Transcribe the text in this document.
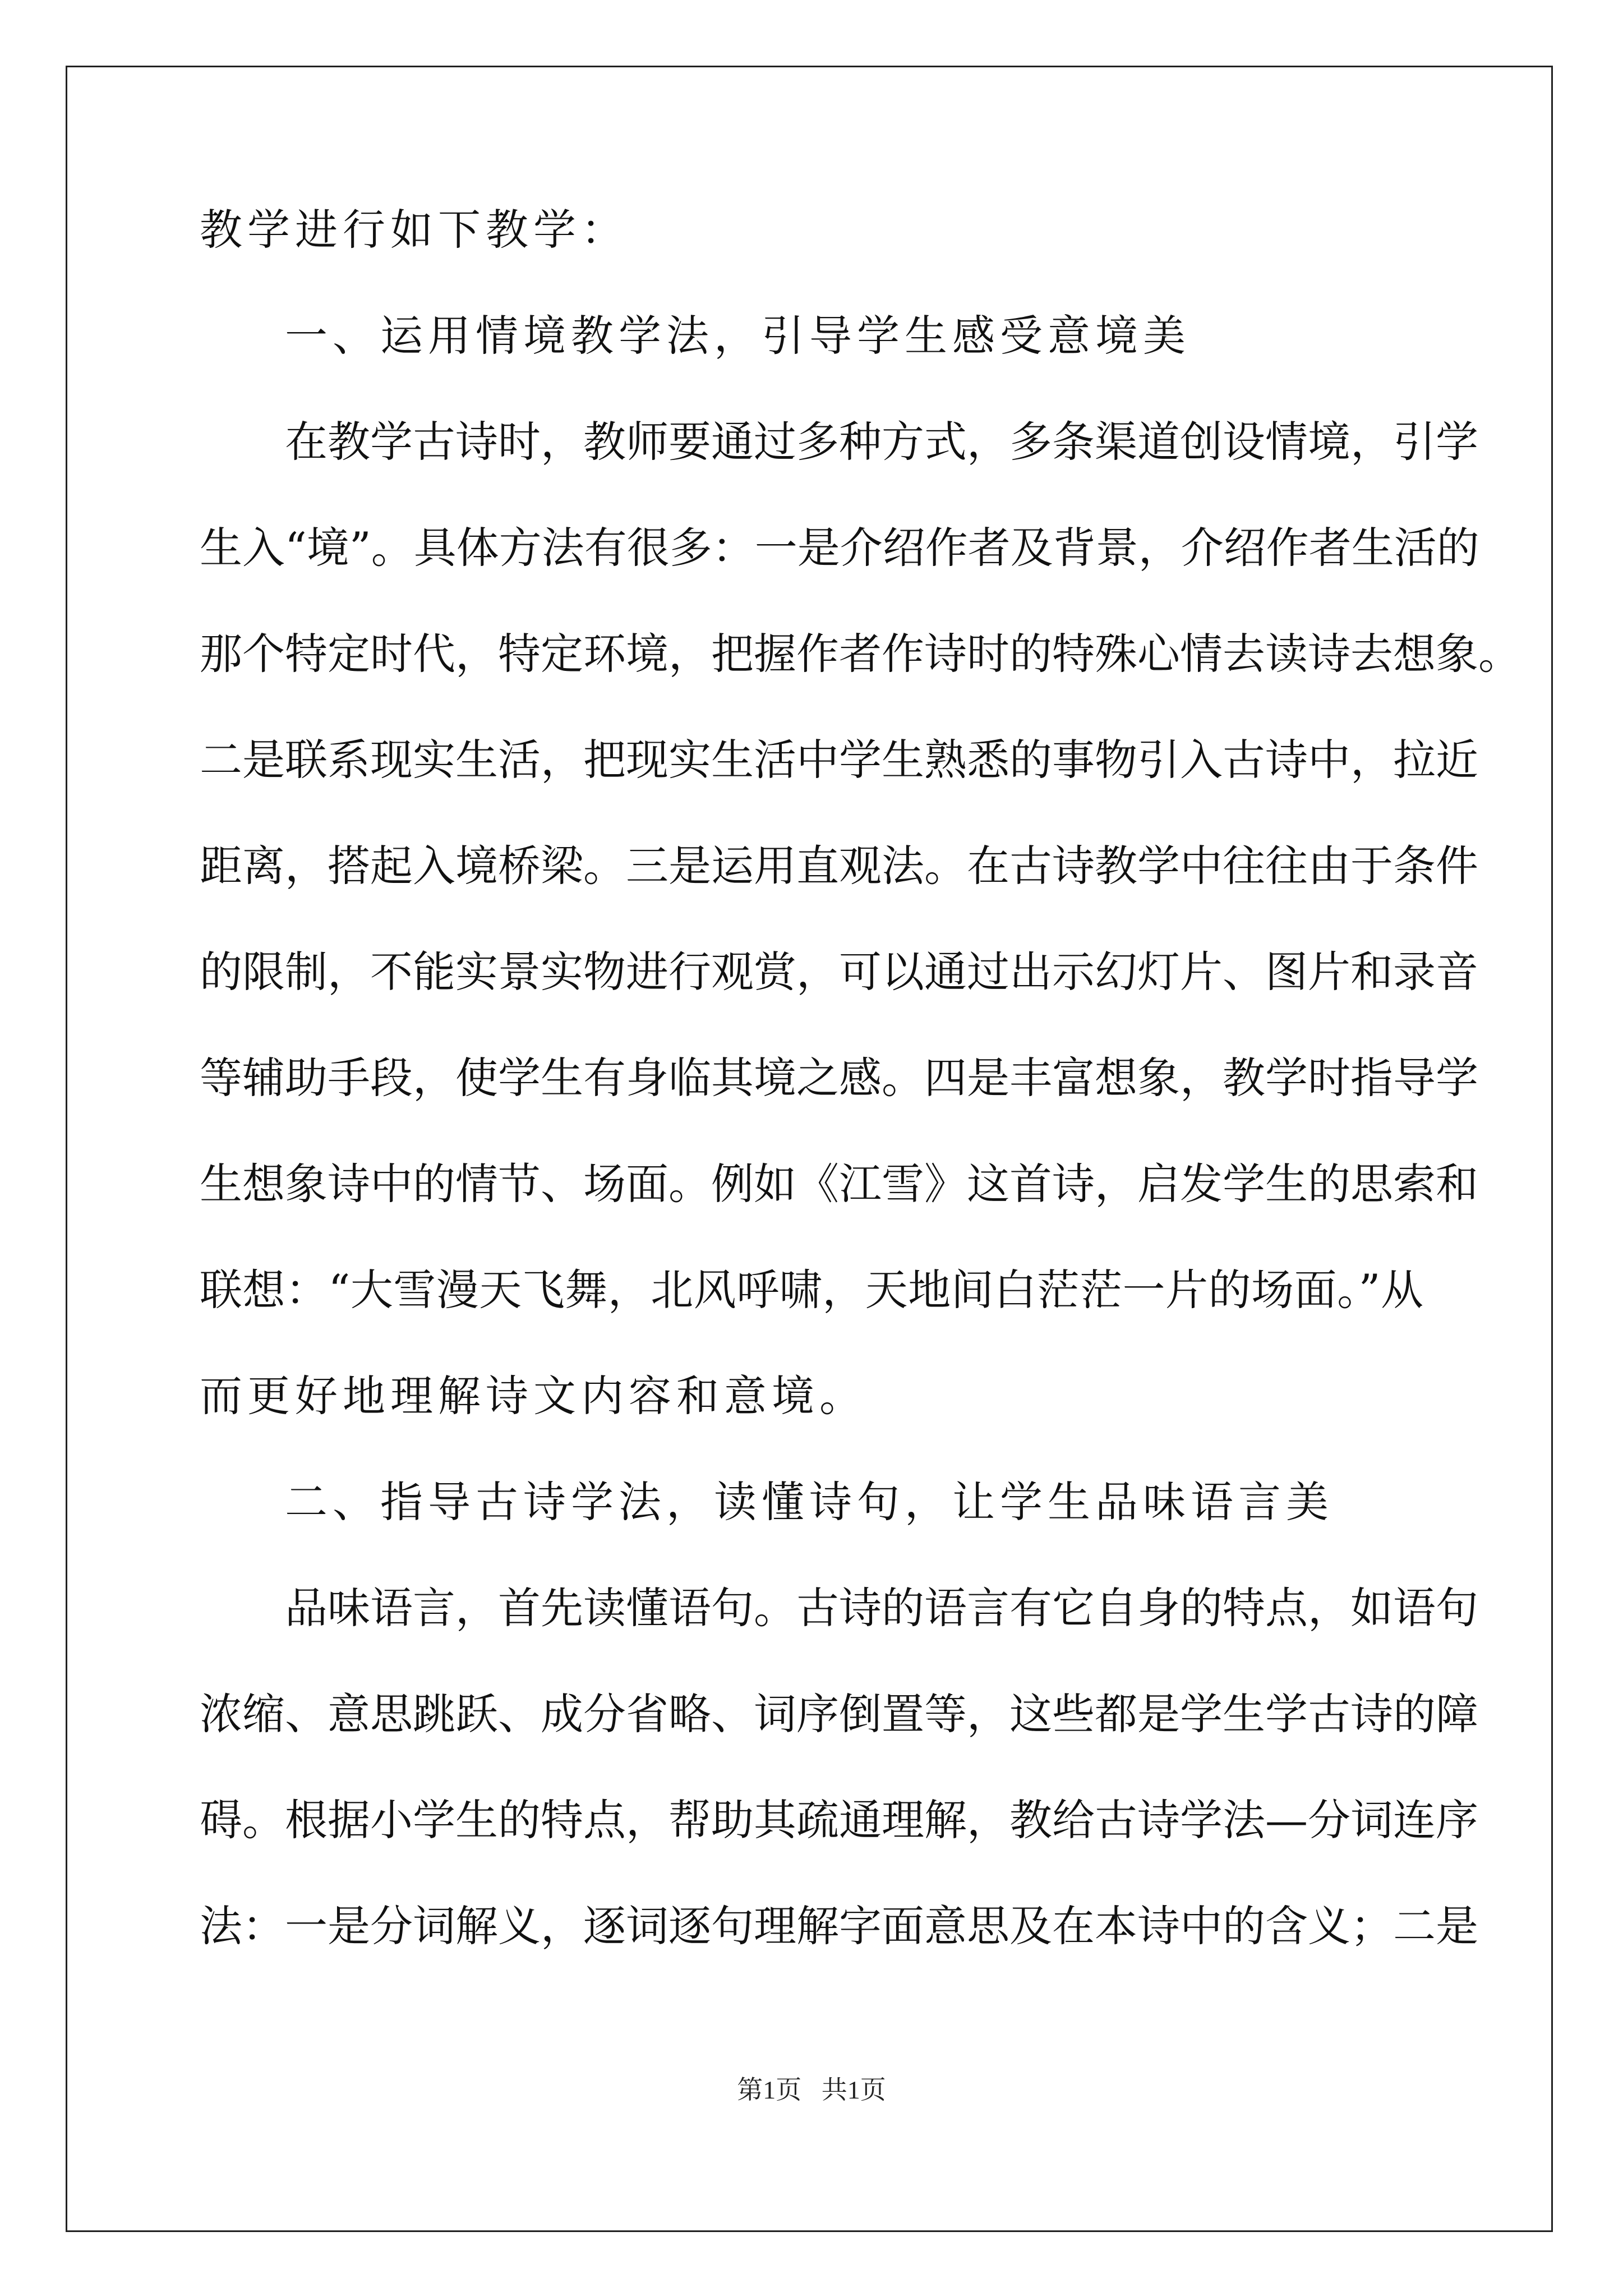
教学进行如下教学：
一、运用情境教学法，引导学生感受意境美
在教学古诗时，教师要通过多种方式，多条渠道创设情境，引学
生入“境”。具体方法有很多：一是介绍作者及背景，介绍作者生活的
那个特定时代，特定环境，把握作者作诗时的特殊心情去读诗去想象。
二是联系现实生活，把现实生活中学生熟悉的事物引入古诗中，拉近
距离，搭起入境桥梁。三是运用直观法。在古诗教学中往往由于条件
的限制，不能实景实物进行观赏，可以通过出示幻灯片、图片和录音
等辅助手段，使学生有身临其境之感。四是丰富想象，教学时指导学
生想象诗中的情节、场面。例如《江雪》这首诗，启发学生的思索和
联想：“大雪漫天飞舞，北风呼啸，天地间白茫茫一片的场面。”从
而更好地理解诗文内容和意境。
二、指导古诗学法，读懂诗句，让学生品味语言美
品味语言，首先读懂语句。古诗的语言有它自身的特点，如语句
浓缩、意思跳跃、成分省略、词序倒置等，这些都是学生学古诗的障
碍。根据小学生的特点，帮助其疏通理解，教给古诗学法—分词连序
法：一是分词解义，逐词逐句理解字面意思及在本诗中的含义；二是
第1页 共1页
